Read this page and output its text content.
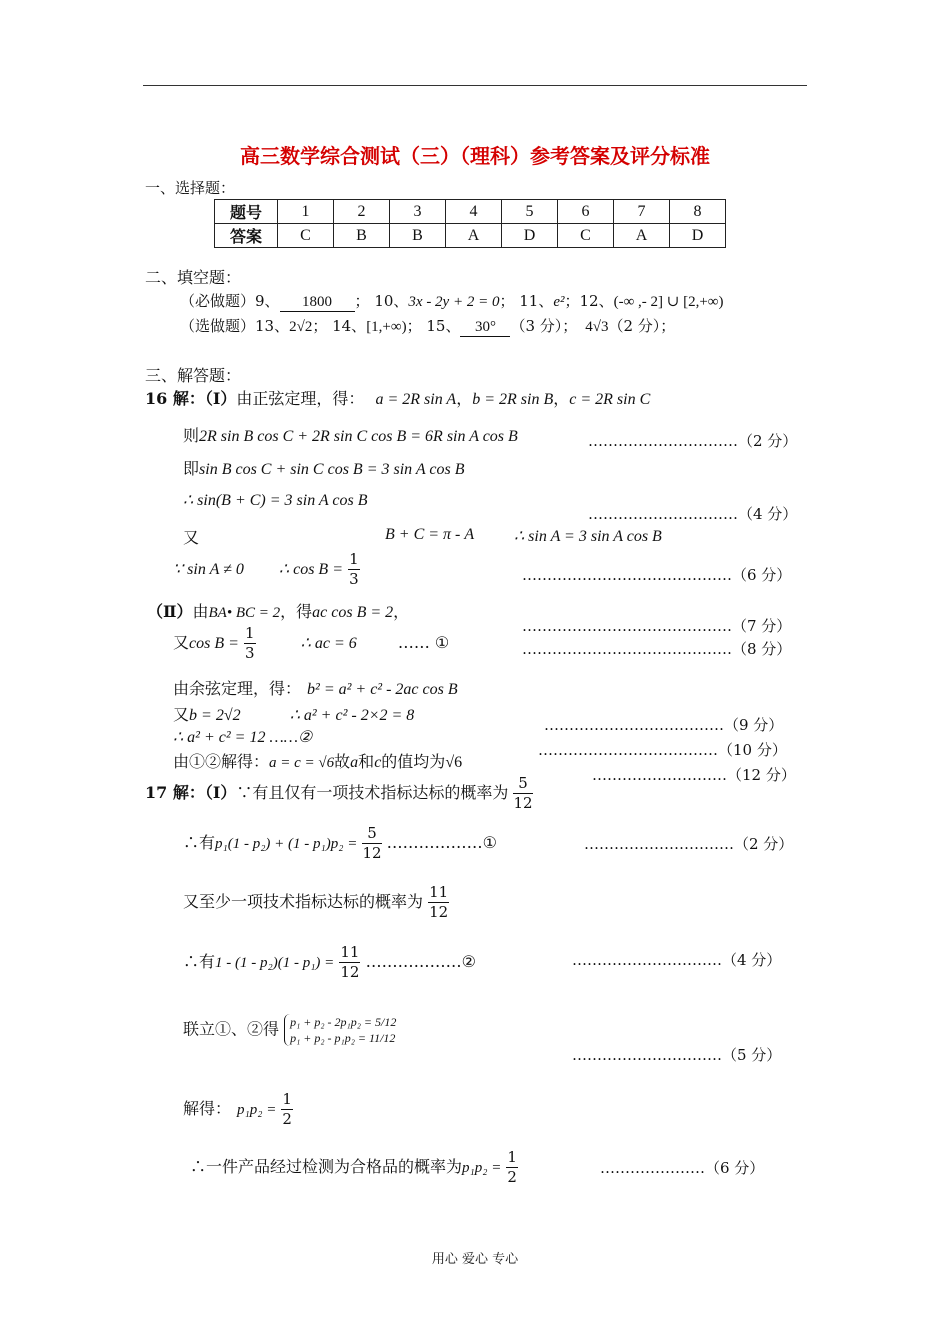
高三数学综合测试（三）（理科）参考答案及评分标准
一、选择题：
题号	1	2	3	4	5	6	7	8
答案	C	B	B	A	D	C	A	D
二、填空题：
（必做题）9、 1800 ； 10、3x - 2y + 2 = 0； 11、e²；12、(-∞ ,- 2] ∪ [2,+∞)
（选做题）13、2√2； 14、[1,+∞)； 15、 30° （3 分）； 4√3（2 分）；
三、解答题：
16 解：（Ⅰ）由正弦定理，得： a = 2R sin A，b = 2R sin B，c = 2R sin C
则2R sin B cos C + 2R sin C cos B = 6R sin A cos B	…………………………（2 分）
即sin B cos C + sin C cos B = 3 sin A cos B
∴ sin(B + C) = 3 sin A cos B
…………………………（4 分）
又	B + C = π - A ∴ sin A = 3 sin A cos B
∵ sin A ≠ 0 ∴ $\cos B = \frac{1}{3}$	……………………………………（6 分）
（Ⅱ）由BA• BC = 2，得ac cos B = 2，
……………………………………（7 分）
又$\cos B = \frac{1}{3}$	∴ ac = 6	…… ①	……………………………………（8 分）
由余弦定理，得： b² = a² + c² - 2ac cos B
又b = 2√2	∴ a² + c² - 2×2 = 8
………………………………（9 分）
∴ a² + c² = 12 ……②
………………………………（10 分）
由①②解得：a = c = √6故a和c的值均为√6
………………………（12 分）
17 解：（Ⅰ）∵有且仅有一项技术指标达标的概率为 $\frac{5}{12}$
∴有$p_1(1 - p_2) + (1 - p_1)p_2 = \frac{5}{12}$ ………………①	…………………………（2 分）
又至少一项技术指标达标的概率为 $\frac{11}{12}$
∴有$1 - (1 - p_2)(1 - p_1) = \frac{11}{12}$ ………………②	…………………………（4 分）
联立①、②得 p₁ + p₂ - 2p₁p₂ = 5/12
p₁ + p₂ - p₁p₂ = 11/12
…………………………（5 分）
解得： $p_1p_2 = \frac{1}{2}$
∴一件产品经过检测为合格品的概率为$p_1p_2 = \frac{1}{2}$	…………………（6 分）
用心 爱心 专心
